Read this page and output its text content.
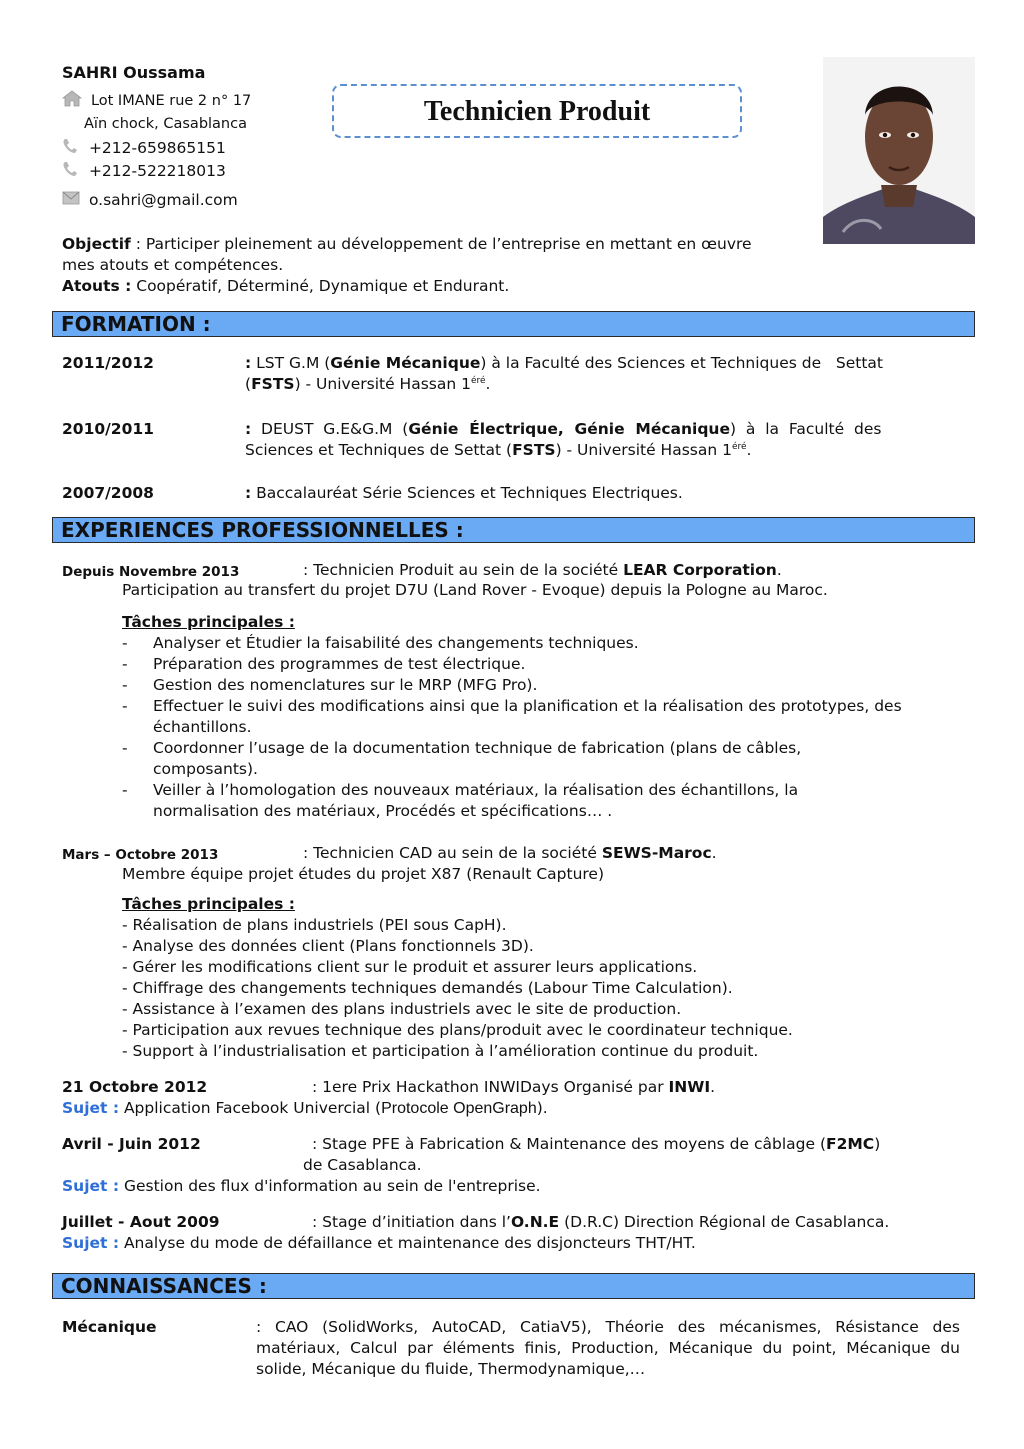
SAHRI Oussama
Lot IMANE rue 2 n° 17
Aïn chock, Casablanca
+212-659865151
+212-522218013
o.sahri@gmail.com
Technicien Produit
Objectif : Participer pleinement au développement de l’entreprise en mettant en œuvre mes atouts et compétences.
Atouts : Coopératif, Déterminé, Dynamique et Endurant.
FORMATION :
2011/2012	: LST G.M (Génie Mécanique) à la Faculté des Sciences et Techniques de   Settat
(FSTS) - Université Hassan $1^{éré}$.
2010/2011	:  DEUST  G.E&G.M  (Génie  Électrique,  Génie  Mécanique)  à  la  Faculté  des
Sciences et Techniques de Settat (FSTS) - Université Hassan $1^{éré}$.
2007/2008	: Baccalauréat Série Sciences et Techniques Electriques.
EXPERIENCES PROFESSIONNELLES :
Depuis Novembre 2013	: Technicien Produit au sein de la société LEAR Corporation.
Participation au transfert du projet D7U (Land Rover - Evoque) depuis la Pologne au Maroc.
Tâches principales :
- Analyser et Étudier la faisabilité des changements techniques.
- Préparation des programmes de test électrique.
- Gestion des nomenclatures sur le MRP (MFG Pro).
- Effectuer le suivi des modifications ainsi que la planification et la réalisation des prototypes, des échantillons.
- Coordonner l’usage de la documentation technique de fabrication (plans de câbles, composants).
- Veiller à l’homologation des nouveaux matériaux, la réalisation des échantillons, la normalisation des matériaux, Procédés et spécifications… .
Mars – Octobre 2013	: Technicien CAD au sein de la société SEWS-Maroc.
Membre équipe projet études du projet X87 (Renault Capture)
Tâches principales :
- Réalisation de plans industriels (PEI sous CapH).
- Analyse des données client (Plans fonctionnels 3D).
- Gérer les modifications client sur le produit et assurer leurs applications.
- Chiffrage des changements techniques demandés (Labour Time Calculation).
- Assistance à l’examen des plans industriels avec le site de production.
- Participation aux revues technique des plans/produit avec le coordinateur technique.
- Support à l’industrialisation et participation à l’amélioration continue du produit.
21 Octobre 2012	: 1ere Prix Hackathon INWIDays Organisé par INWI.
Sujet : Application Facebook Univercial (Protocole OpenGraph).
Avril - Juin 2012	: Stage PFE à Fabrication & Maintenance des moyens de câblage (F2MC)
de Casablanca.
Sujet : Gestion des flux d'information au sein de l'entreprise.
Juillet - Aout 2009	: Stage d’initiation dans l’O.N.E (D.R.C) Direction Régional de Casablanca.
Sujet : Analyse du mode de défaillance et maintenance des disjoncteurs THT/HT.
CONNAISSANCES :
Mécanique	: CAO (SolidWorks, AutoCAD, CatiaV5), Théorie des mécanismes, Résistance des matériaux, Calcul par éléments finis, Production, Mécanique du point, Mécanique du solide, Mécanique du fluide, Thermodynamique,…
